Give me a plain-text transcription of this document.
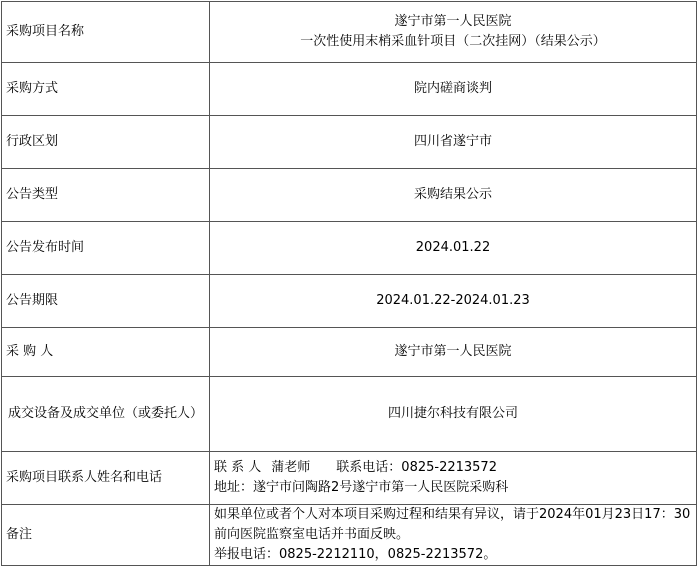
采购项目名称	遂宁市第一人民医院
一次性使用末梢采血针项目（二次挂网）（结果公示）

采购方式	院内磋商谈判
行政区划	四川省遂宁市
公告类型	采购结果公示
公告发布时间	2024.01.22
公告期限	2024.01.22-2024.01.23
采 购 人	遂宁市第一人民医院
成交设备及成交单位（或委托人）	四川捷尔科技有限公司
采购项目联系人姓名和电话	联 系 人 蒲老师 联系电话：0825-2213572
地址：遂宁市问陶路2号遂宁市第一人民医院采购科

备注	如果单位或者个人对本项目采购过程和结果有异议，请于2024年01月23日17：30前向医院监察室电话并书面反映。
举报电话：0825-2212110，0825-2213572。
